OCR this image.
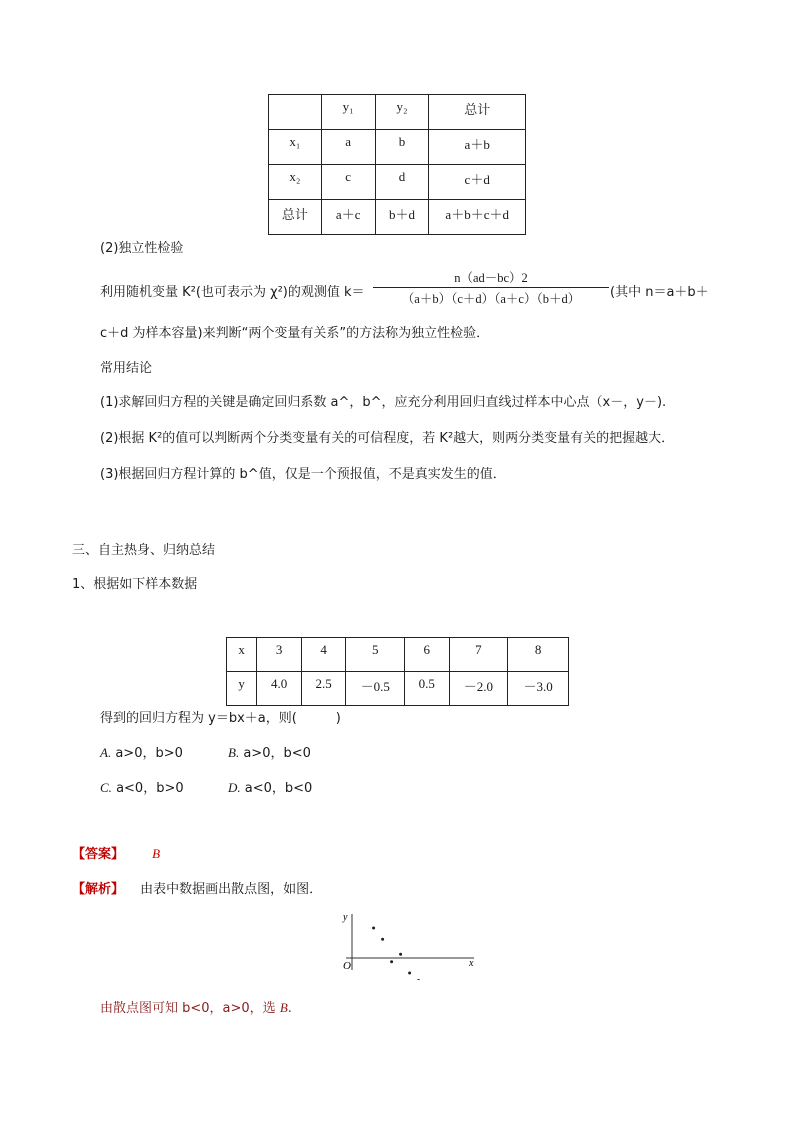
	y₁	y₂	总计
x₁	a	b	a＋b
x₂	c	d	c＋d
总计	a＋c	b＋d	a＋b＋c＋d
(2)独立性检验
利用随机变量 K²(也可表示为 χ²)的观测值 k＝
n（ad－bc）2
（a＋b）（c＋d）（a＋c）（b＋d）	(其中 n＝a＋b＋
c＋d 为样本容量)来判断“两个变量有关系”的方法称为独立性检验．
常用结论
(1)求解回归方程的关键是确定回归系数 a^，b^，应充分利用回归直线过样本中心点（x－，y－).
(2)根据 K²的值可以判断两个分类变量有关的可信程度，若 K²越大，则两分类变量有关的把握越大．
(3)根据回归方程计算的 b^值，仅是一个预报值，不是真实发生的值．
三、自主热身、归纳总结
1、根据如下样本数据
x	3	4	5	6	7	8
y	4.0	2.5	－0.5	0.5	－2.0	－3.0
得到的回归方程为 y＝bx＋a，则(　　　)
A. a>0，b>0	B. a>0，b<0
C. a<0，b>0	D. a<0，b<0
【答案】 B
【解析】 由表中数据画出散点图，如图．
y
x
O
由散点图可知 b<0，a>0，选 B.
